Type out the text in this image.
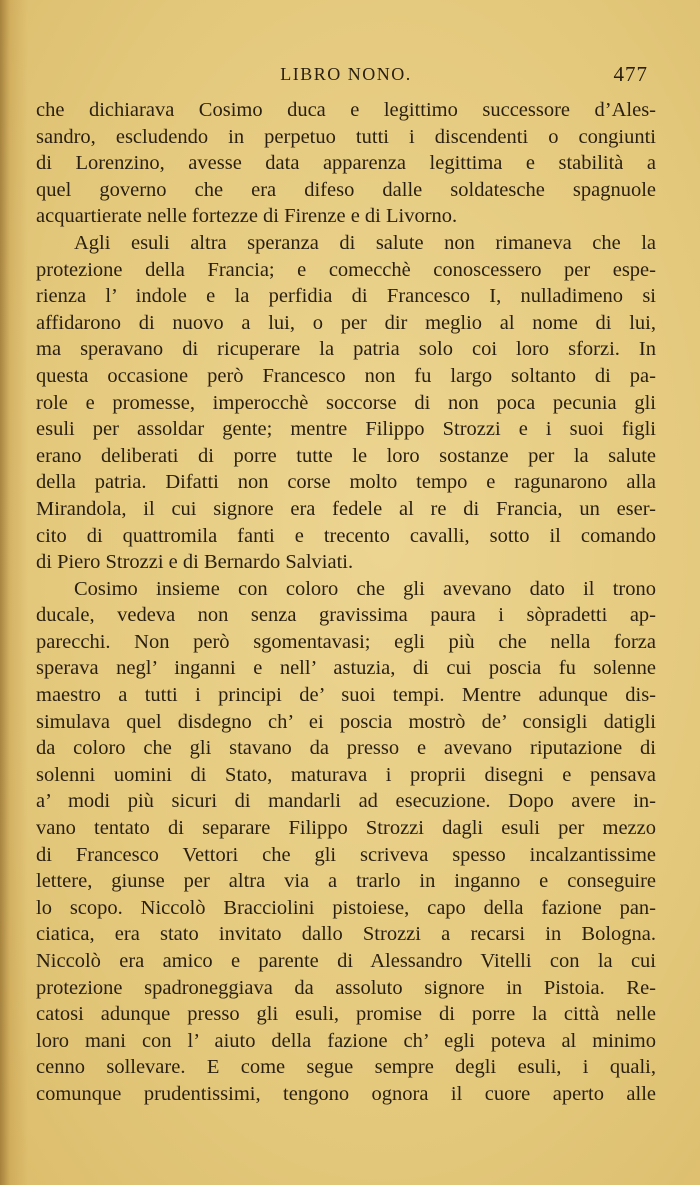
LIBRO NONO.	477

che dichiarava Cosimo duca e legittimo successore d’Ales-

sandro, escludendo in perpetuo tutti i discendenti o congiunti

di Lorenzino, avesse data apparenza legittima e stabilità a

quel governo che era difeso dalle soldatesche spagnuole

acquartierate nelle fortezze di Firenze e di Livorno.

Agli esuli altra speranza di salute non rimaneva che la

protezione della Francia; e comecchè conoscessero per espe-

rienza l’ indole e la perfidia di Francesco I, nulladimeno si

affidarono di nuovo a lui, o per dir meglio al nome di lui,

ma speravano di ricuperare la patria solo coi loro sforzi. In

questa occasione però Francesco non fu largo soltanto di pa-

role e promesse, imperocchè soccorse di non poca pecunia gli

esuli per assoldar gente; mentre Filippo Strozzi e i suoi figli

erano deliberati di porre tutte le loro sostanze per la salute

della patria. Difatti non corse molto tempo e ragunarono alla

Mirandola, il cui signore era fedele al re di Francia, un eser-

cito di quattromila fanti e trecento cavalli, sotto il comando

di Piero Strozzi e di Bernardo Salviati.

Cosimo insieme con coloro che gli avevano dato il trono

ducale, vedeva non senza gravissima paura i sòpradetti ap-

parecchi. Non però sgomentavasi; egli più che nella forza

sperava negl’ inganni e nell’ astuzia, di cui poscia fu solenne

maestro a tutti i principi de’ suoi tempi. Mentre adunque dis-

simulava quel disdegno ch’ ei poscia mostrò de’ consigli datigli

da coloro che gli stavano da presso e avevano riputazione di

solenni uomini di Stato, maturava i proprii disegni e pensava

a’ modi più sicuri di mandarli ad esecuzione. Dopo avere in-

vano tentato di separare Filippo Strozzi dagli esuli per mezzo

di Francesco Vettori che gli scriveva spesso incalzantissime

lettere, giunse per altra via a trarlo in inganno e conseguire

lo scopo. Niccolò Bracciolini pistoiese, capo della fazione pan-

ciatica, era stato invitato dallo Strozzi a recarsi in Bologna.

Niccolò era amico e parente di Alessandro Vitelli con la cui

protezione spadroneggiava da assoluto signore in Pistoia. Re-

catosi adunque presso gli esuli, promise di porre la città nelle

loro mani con l’ aiuto della fazione ch’ egli poteva al minimo

cenno sollevare. E come segue sempre degli esuli, i quali,

comunque prudentissimi, tengono ognora il cuore aperto alle
